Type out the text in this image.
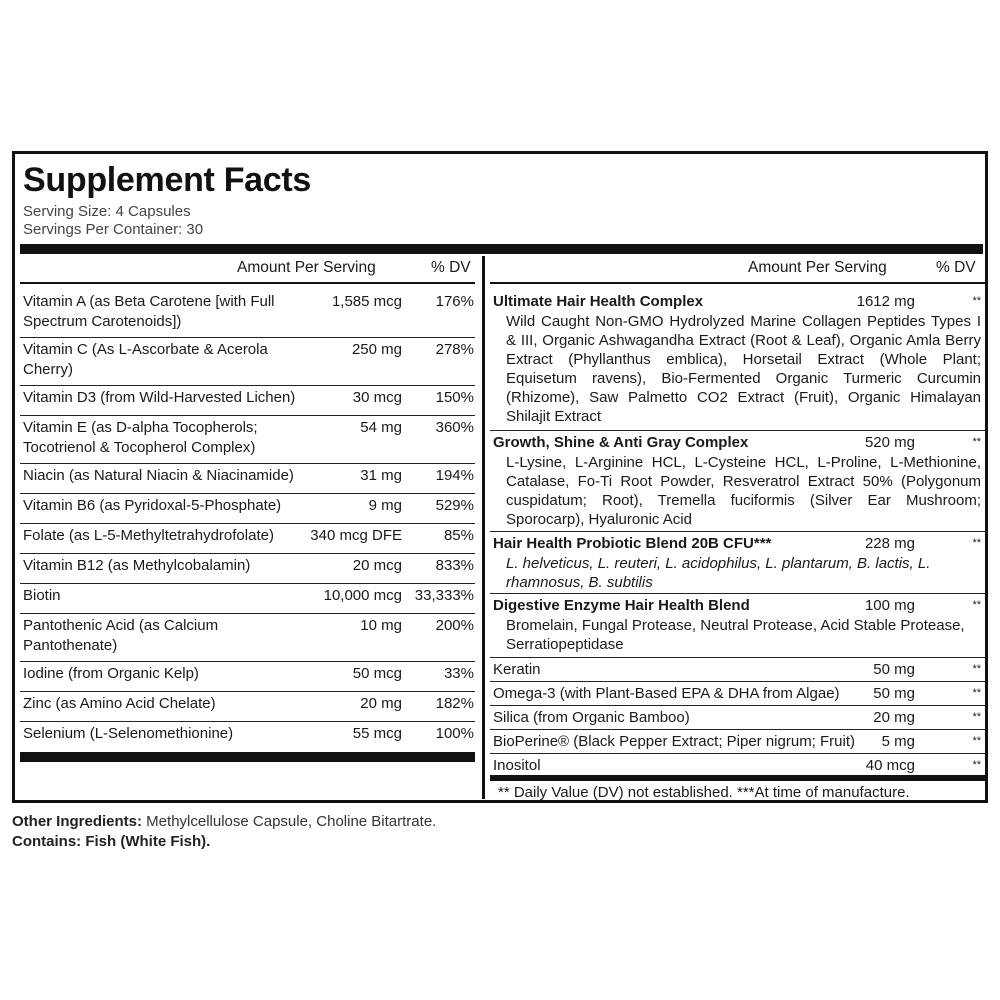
Supplement Facts
Serving Size: 4 Capsules
Servings Per Container: 30
Amount Per Serving	% DV	Amount Per Serving	% DV
Vitamin A (as Beta Carotene [with Full Spectrum Carotenoids])
1,585 mcg 176%
Vitamin C (As L-Ascorbate & Acerola Cherry)
250 mg 278%
Vitamin D3 (from Wild-Harvested Lichen)	30 mcg 150%
Vitamin E (as D-alpha Tocopherols; Tocotrienol & Tocopherol Complex)
54 mg 360%
Niacin (as Natural Niacin & Niacinamide)	31 mg 194%
Vitamin B6 (as Pyridoxal-5-Phosphate)	9 mg 529%
Folate (as L-5-Methyltetrahydrofolate)	340 mcg DFE	85%
Vitamin B12 (as Methylcobalamin)	20 mcg 833%
Biotin	10,000 mcg 33,333%
Pantothenic Acid (as Calcium Pantothenate)
10 mg 200%
Iodine (from Organic Kelp)	50 mcg	33%
Zinc (as Amino Acid Chelate)	20 mg 182%
Selenium (L-Selenomethionine)	55 mcg 100%
Ultimate Hair Health Complex	1612 mg	**
Wild Caught Non-GMO Hydrolyzed Marine Collagen Peptides Types I & III, Organic Ashwagandha Extract (Root & Leaf), Organic Amla Berry Extract (Phyllanthus emblica), Horsetail Extract (Whole Plant; Equisetum ravens), Bio-Fermented Organic Turmeric Curcumin (Rhizome), Saw Palmetto CO2 Extract (Fruit), Organic Himalayan Shilajit Extract
Growth, Shine & Anti Gray Complex	520 mg	**
L-Lysine, L-Arginine HCL, L-Cysteine HCL, L-Proline, L-Methionine, Catalase, Fo-Ti Root Powder, Resveratrol Extract 50% (Polygonum cuspidatum; Root), Tremella fuciformis (Silver Ear Mushroom; Sporocarp), Hyaluronic Acid
Hair Health Probiotic Blend 20B CFU***	228 mg	**
L. helveticus, L. reuteri, L. acidophilus, L. plantarum, B. lactis, L. rhamnosus, B. subtilis
Digestive Enzyme Hair Health Blend	100 mg	**
Bromelain, Fungal Protease, Neutral Protease, Acid Stable Protease, Serratiopeptidase
Keratin	50 mg	**
Omega-3 (with Plant-Based EPA & DHA from Algae)	50 mg	**
Silica (from Organic Bamboo)	20 mg	**
BioPerine® (Black Pepper Extract; Piper nigrum; Fruit)	5 mg	**
Inositol	40 mcg	**
** Daily Value (DV) not established. ***At time of manufacture.
Other Ingredients: Methylcellulose Capsule, Choline Bitartrate.
Contains: Fish (White Fish).
